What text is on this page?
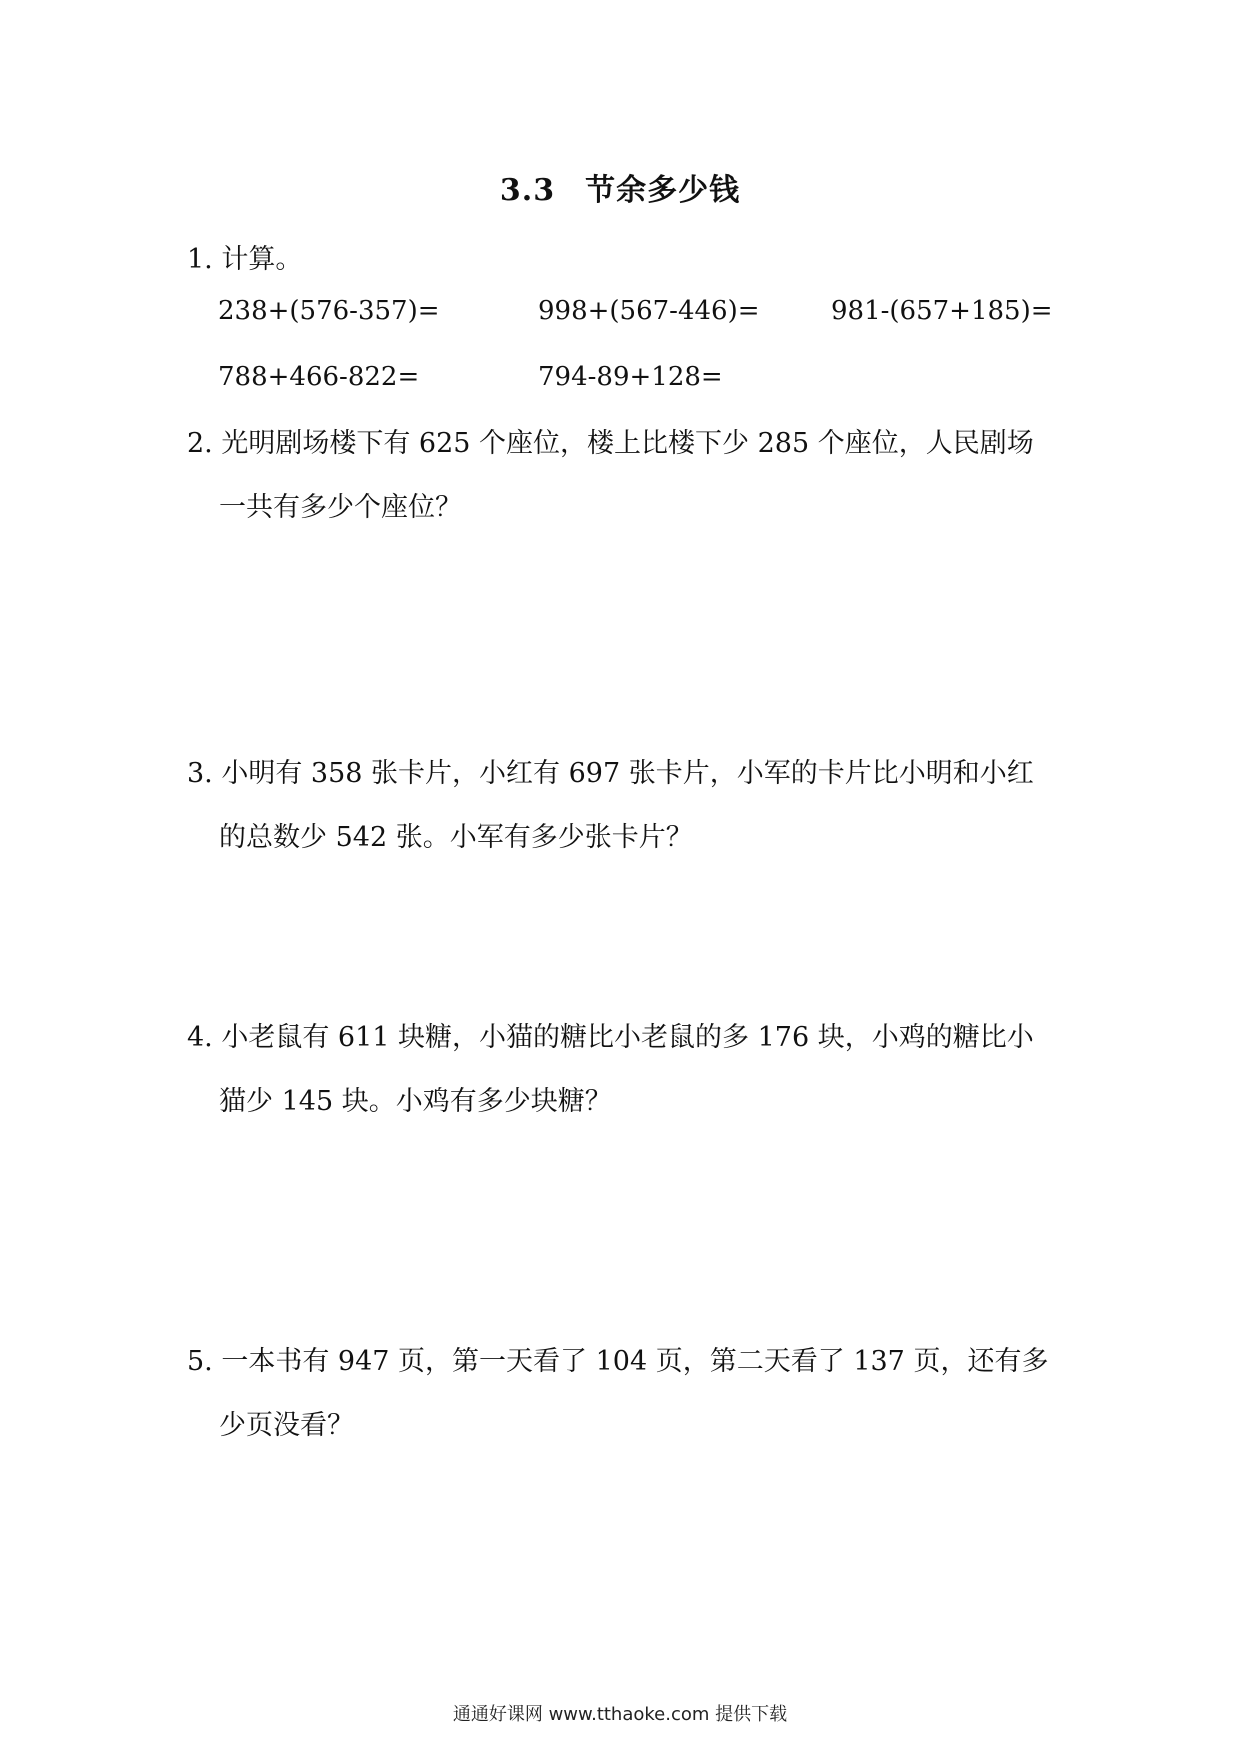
3.3 节余多少钱
1. 计算。
238+(576-357)=	998+(567-446)=	981-(657+185)=
788+466-822=	794-89+128=
2. 光明剧场楼下有 625 个座位，楼上比楼下少 285 个座位，人民剧场
一共有多少个座位？
3. 小明有 358 张卡片，小红有 697 张卡片，小军的卡片比小明和小红
的总数少 542 张。小军有多少张卡片？
4. 小老鼠有 611 块糖，小猫的糖比小老鼠的多 176 块，小鸡的糖比小
猫少 145 块。小鸡有多少块糖？
5. 一本书有 947 页，第一天看了 104 页，第二天看了 137 页，还有多
少页没看？
通通好课网 www.tthaoke.com 提供下载
